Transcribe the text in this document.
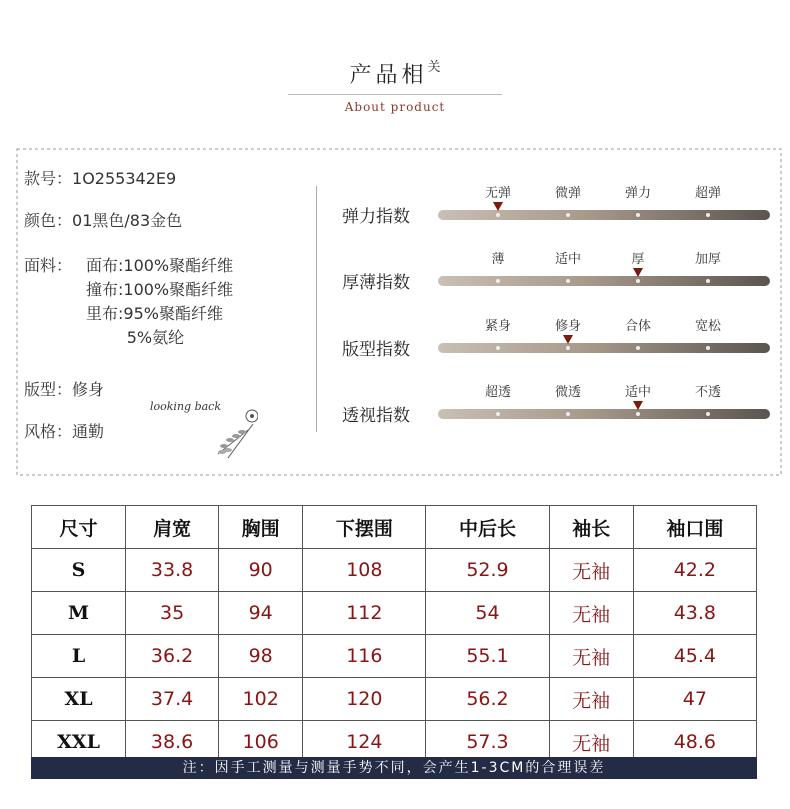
产品相$^关$
About product
款号：1O255342E9
颜色：01黑色/83金色
面料： 面布:100%聚酯纤维
撞布:100%聚酯纤维
里布:95%聚酯纤维
5%氨纶
版型：修身
风格：通勤
looking back
弹力指数
无弹	微弹	弹力	超弹
厚薄指数
薄	适中	厚	加厚
版型指数
紧身	修身	合体	宽松
透视指数
超透	微透	适中	不透
尺寸	肩宽	胸围	下摆围	中后长	袖长	袖口围
S	33.8	90	108	52.9	无袖	42.2
M	35	94	112	54	无袖	43.8
L	36.2	98	116	55.1	无袖	45.4
XL	37.4	102	120	56.2	无袖	47
XXL	38.6	106	124	57.3	无袖	48.6
注：因手工测量与测量手势不同，会产生1-3CM的合理误差
